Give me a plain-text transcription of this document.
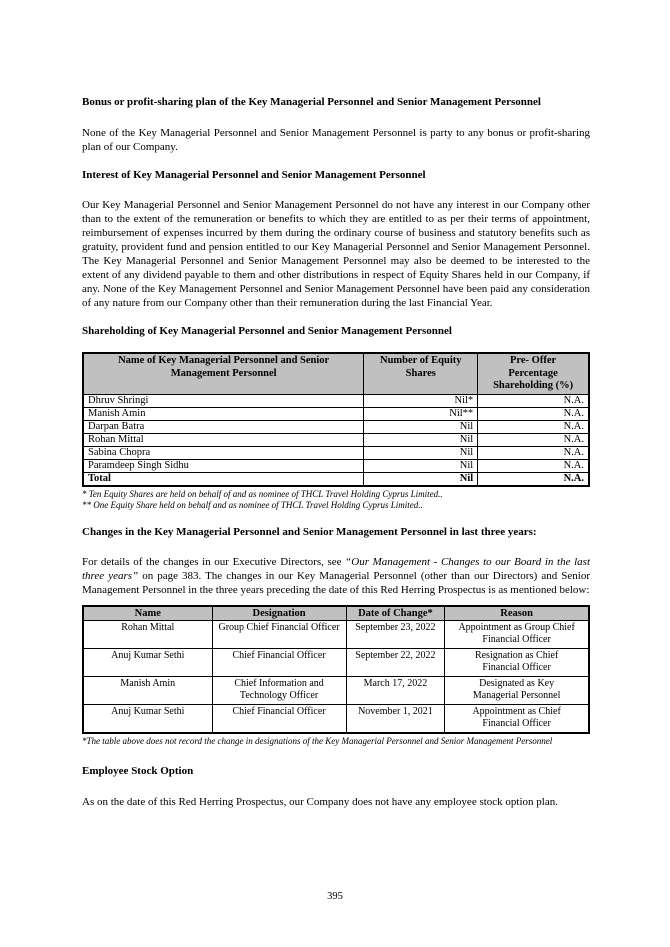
Bonus or profit-sharing plan of the Key Managerial Personnel and Senior Management Personnel
None of the Key Managerial Personnel and Senior Management Personnel is party to any bonus or profit-sharing plan of our Company.
Interest of Key Managerial Personnel and Senior Management Personnel
Our Key Managerial Personnel and Senior Management Personnel do not have any interest in our Company other than to the extent of the remuneration or benefits to which they are entitled to as per their terms of appointment, reimbursement of expenses incurred by them during the ordinary course of business and statutory benefits such as gratuity, provident fund and pension entitled to our Key Managerial Personnel and Senior Management Personnel. The Key Managerial Personnel and Senior Management Personnel may also be deemed to be interested to the extent of any dividend payable to them and other distributions in respect of Equity Shares held in our Company, if any. None of the Key Management Personnel and Senior Management Personnel have been paid any consideration of any nature from our Company other than their remuneration during the last Financial Year.
Shareholding of Key Managerial Personnel and Senior Management Personnel
Name of Key Managerial Personnel and Senior Management Personnel	Number of Equity Shares	Pre- Offer Percentage Shareholding (%)
Dhruv Shringi	Nil*	N.A.
Manish Amin	Nil**	N.A.
Darpan Batra	Nil	N.A.
Rohan Mittal	Nil	N.A.
Sabina Chopra	Nil	N.A.
Paramdeep Singh Sidhu	Nil	N.A.
Total	Nil	N.A.
* Ten Equity Shares are held on behalf of and as nominee of THCL Travel Holding Cyprus Limited..
** One Equity Share held on behalf and as nominee of THCL Travel Holding Cyprus Limited..
Changes in the Key Managerial Personnel and Senior Management Personnel in last three years:
For details of the changes in our Executive Directors, see “Our Management - Changes to our Board in the last three years” on page 383. The changes in our Key Managerial Personnel (other than our Directors) and Senior Management Personnel in the three years preceding the date of this Red Herring Prospectus is as mentioned below:
Name	Designation	Date of Change*	Reason
Rohan Mittal	Group Chief Financial Officer	September 23, 2022	Appointment as Group Chief Financial Officer
Anuj Kumar Sethi	Chief Financial Officer	September 22, 2022	Resignation as Chief Financial Officer
Manish Amin	Chief Information and Technology Officer	March 17, 2022	Designated as Key Managerial Personnel
Anuj Kumar Sethi	Chief Financial Officer	November 1, 2021	Appointment as Chief Financial Officer
*The table above does not record the change in designations of the Key Managerial Personnel and Senior Management Personnel
Employee Stock Option
As on the date of this Red Herring Prospectus, our Company does not have any employee stock option plan.
395
